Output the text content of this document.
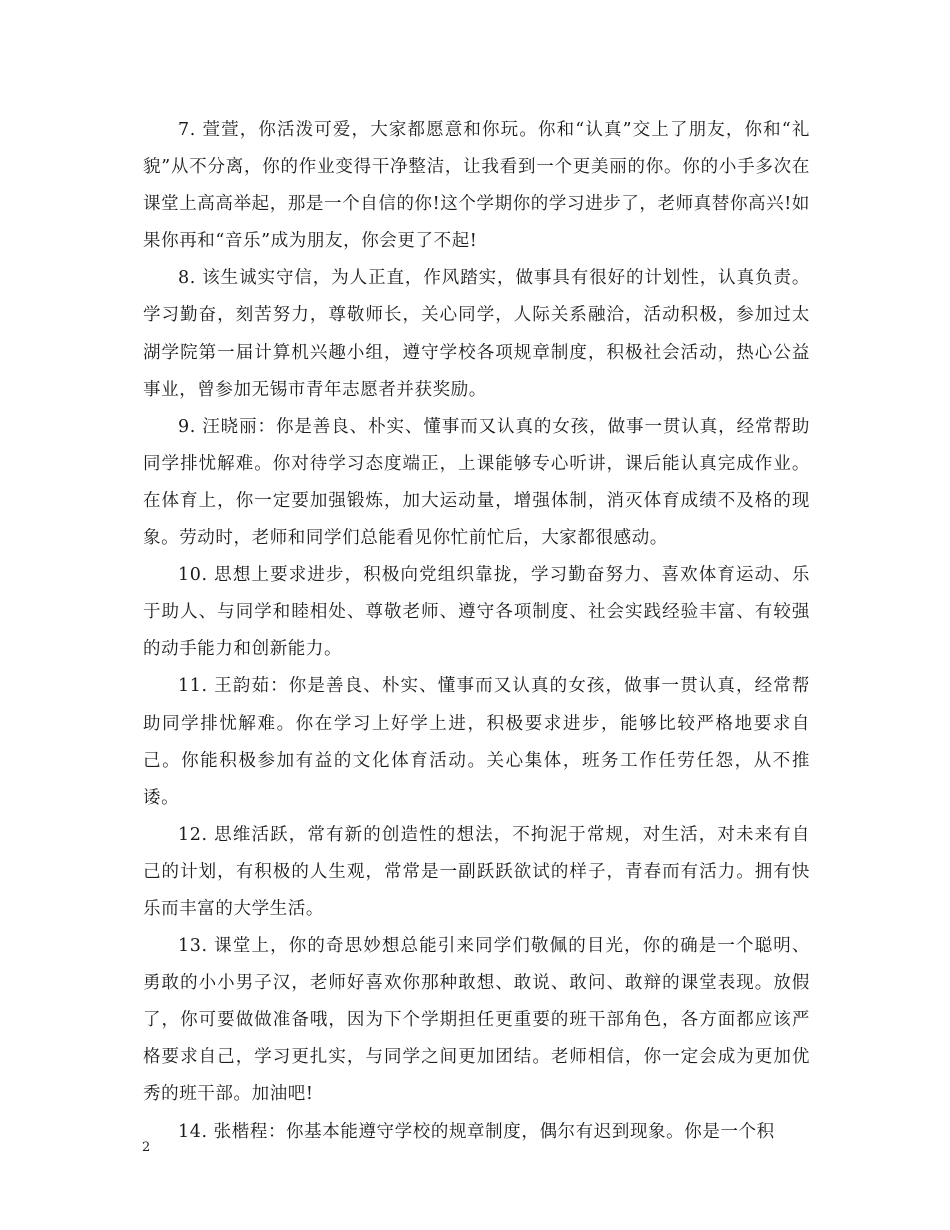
7. 萱萱，你活泼可爱，大家都愿意和你玩。你和“认真”交上了朋友，你和“礼貌”从不分离，你的作业变得干净整洁，让我看到一个更美丽的你。你的小手多次在课堂上高高举起，那是一个自信的你!这个学期你的学习进步了，老师真替你高兴!如果你再和“音乐”成为朋友，你会更了不起!

8. 该生诚实守信，为人正直，作风踏实，做事具有很好的计划性，认真负责。学习勤奋，刻苦努力，尊敬师长，关心同学，人际关系融洽，活动积极，参加过太湖学院第一届计算机兴趣小组，遵守学校各项规章制度，积极社会活动，热心公益事业，曾参加无锡市青年志愿者并获奖励。

9. 汪晓丽：你是善良、朴实、懂事而又认真的女孩，做事一贯认真，经常帮助同学排忧解难。你对待学习态度端正，上课能够专心听讲，课后能认真完成作业。在体育上，你一定要加强锻炼，加大运动量，增强体制，消灭体育成绩不及格的现象。劳动时，老师和同学们总能看见你忙前忙后，大家都很感动。

10. 思想上要求进步，积极向党组织靠拢，学习勤奋努力、喜欢体育运动、乐于助人、与同学和睦相处、尊敬老师、遵守各项制度、社会实践经验丰富、有较强的动手能力和创新能力。

11. 王韵茹：你是善良、朴实、懂事而又认真的女孩，做事一贯认真，经常帮助同学排忧解难。你在学习上好学上进，积极要求进步，能够比较严格地要求自己。你能积极参加有益的文化体育活动。关心集体，班务工作任劳任怨，从不推诿。

12. 思维活跃，常有新的创造性的想法，不拘泥于常规，对生活，对未来有自己的计划，有积极的人生观，常常是一副跃跃欲试的样子，青春而有活力。拥有快乐而丰富的大学生活。

13. 课堂上，你的奇思妙想总能引来同学们敬佩的目光，你的确是一个聪明、勇敢的小小男子汉，老师好喜欢你那种敢想、敢说、敢问、敢辩的课堂表现。放假了，你可要做做准备哦，因为下个学期担任更重要的班干部角色，各方面都应该严格要求自己，学习更扎实，与同学之间更加团结。老师相信，你一定会成为更加优秀的班干部。加油吧!

14. 张楷程：你基本能遵守学校的规章制度，偶尔有迟到现象。你是一个积

2
